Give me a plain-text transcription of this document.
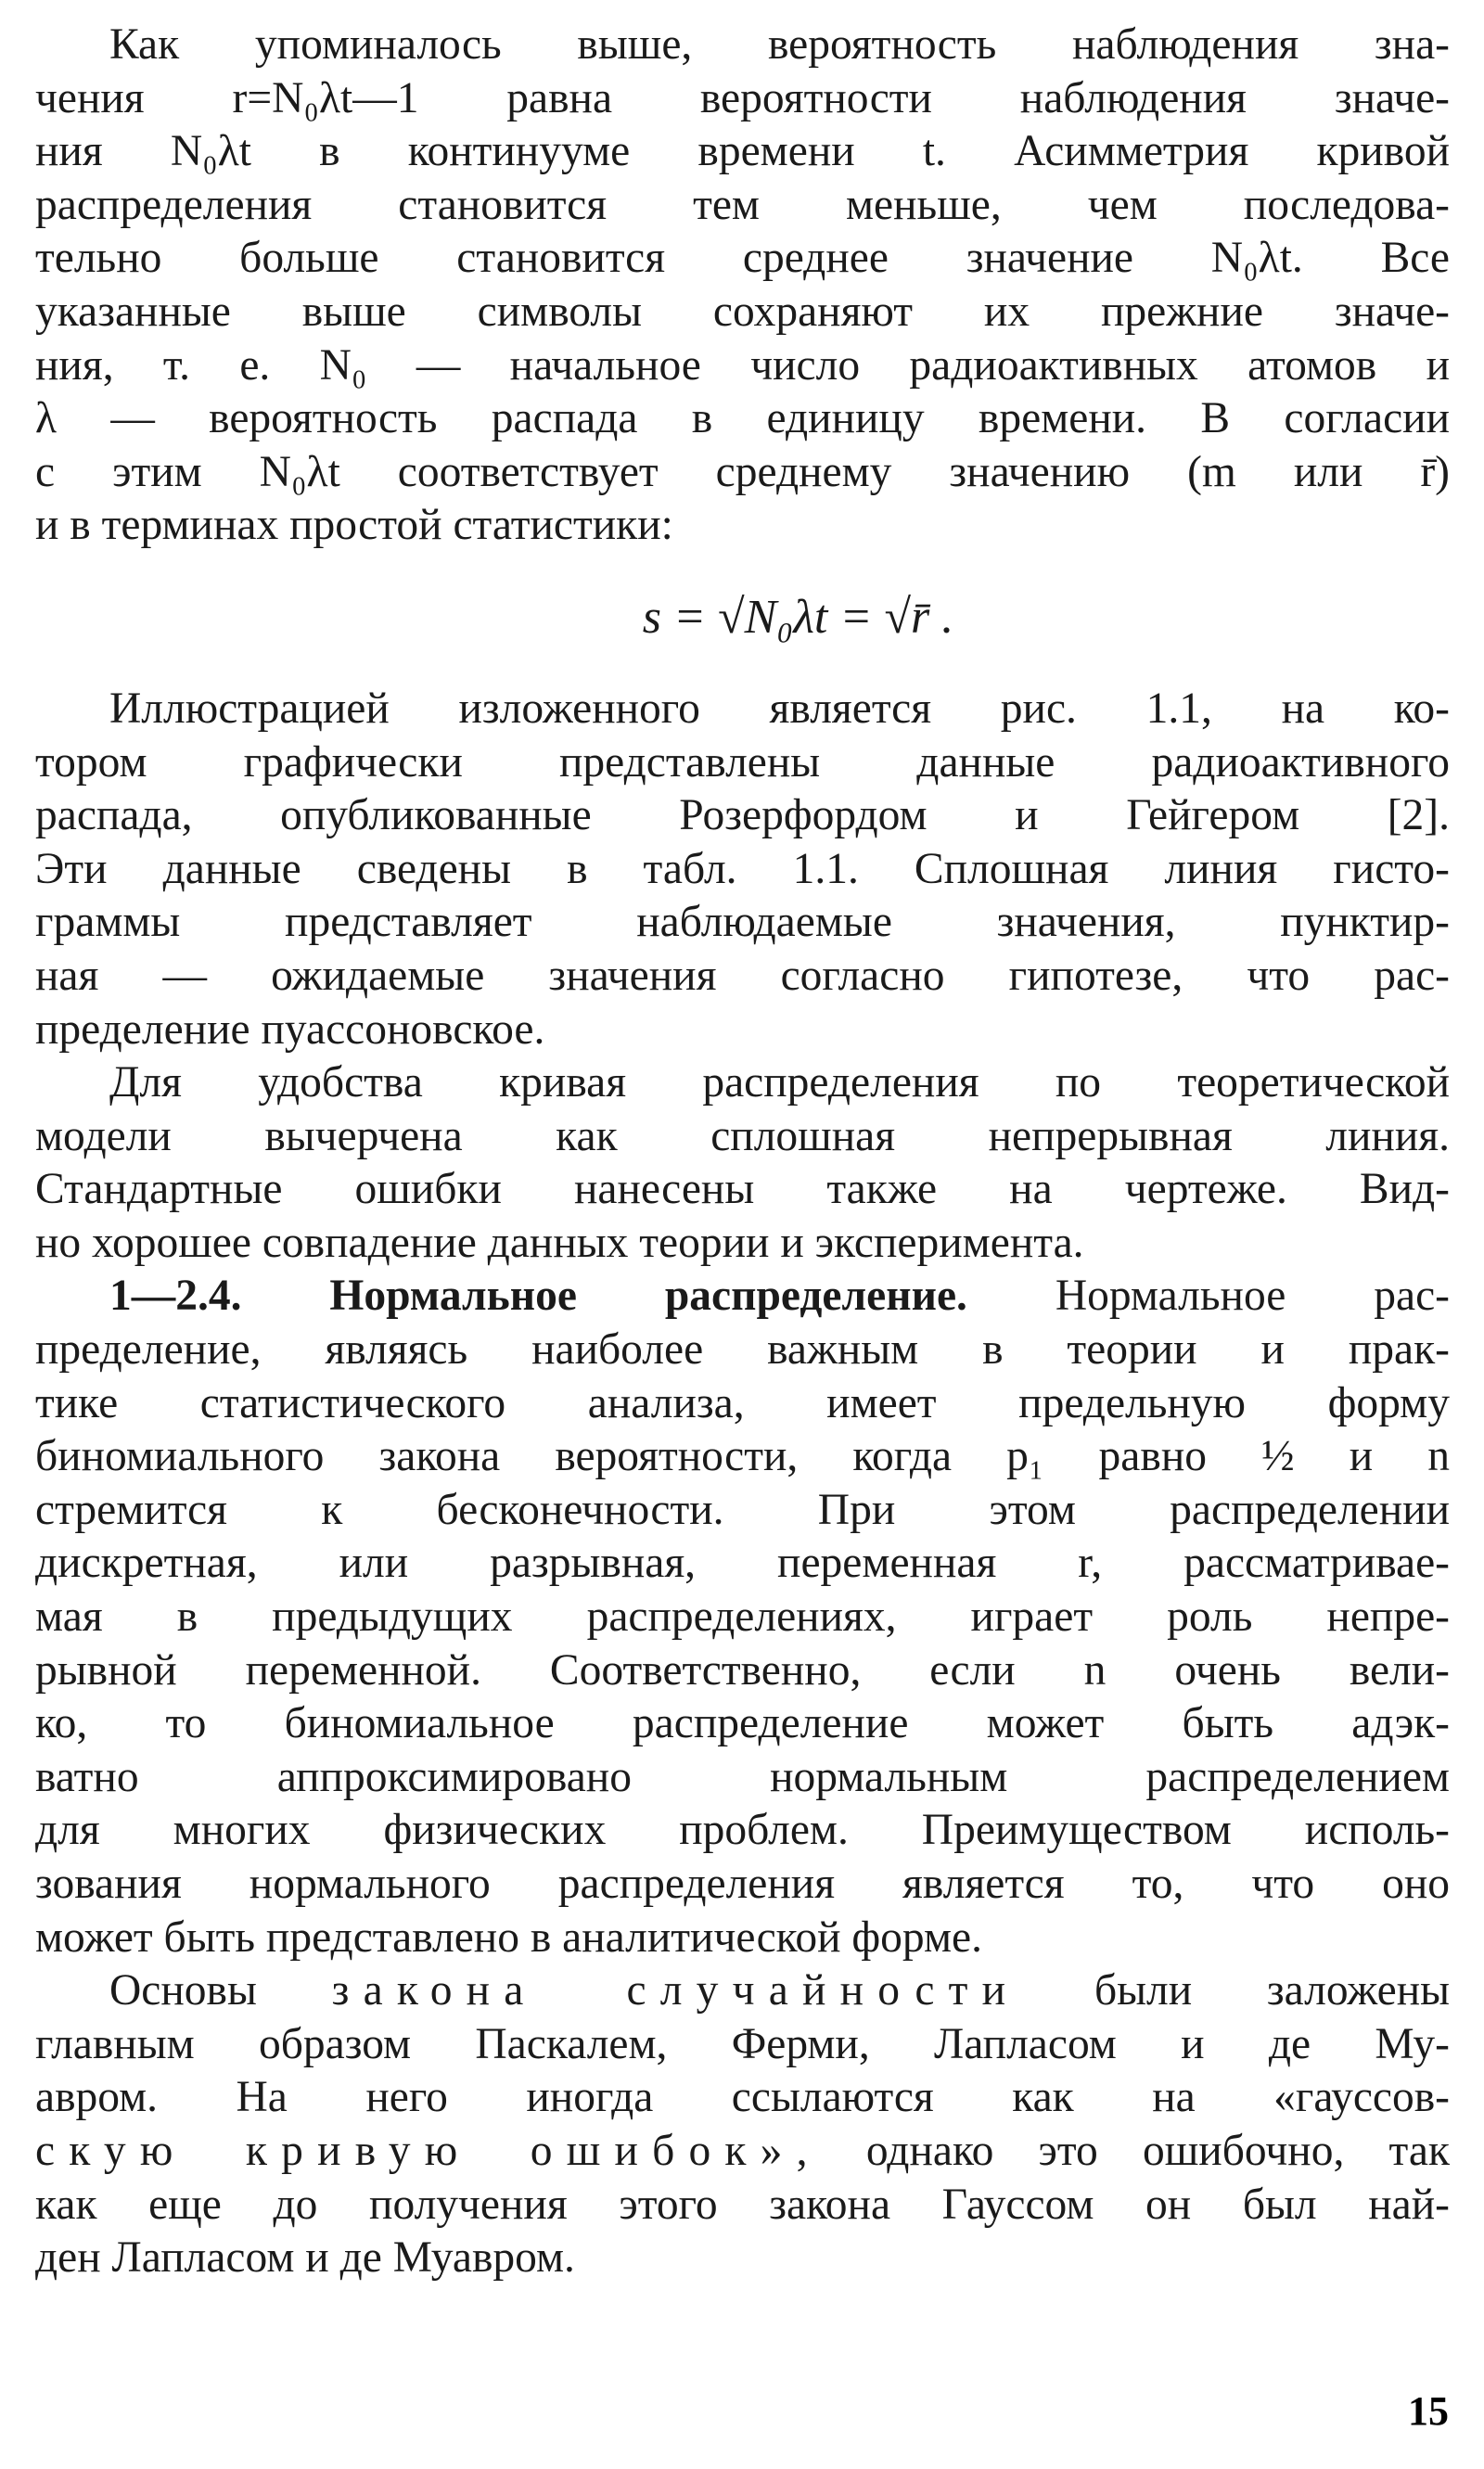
Как упоминалось выше, вероятность наблюдения зна-
чения r=N₀λt—1 равна вероятности наблюдения значе-
ния N₀λt в континууме времени t. Асимметрия кривой
распределения становится тем меньше, чем последова-
тельно больше становится среднее значение N₀λt. Все
указанные выше символы сохраняют их прежние значе-
ния, т. е. N₀ — начальное число радиоактивных атомов и
λ — вероятность распада в единицу времени. В согласии
с этим N₀λt соответствует среднему значению (m или r̄)
и в терминах простой статистики:

s = √N₀λt = √r̄ .

Иллюстрацией изложенного является рис. 1.1, на ко-
тором графически представлены данные радиоактивного
распада, опубликованные Розерфордом и Гейгером [2].
Эти данные сведены в табл. 1.1. Сплошная линия гисто-
граммы представляет наблюдаемые значения, пунктир-
ная — ожидаемые значения согласно гипотезе, что рас-
пределение пуассоновское.

Для удобства кривая распределения по теоретической
модели вычерчена как сплошная непрерывная линия.
Стандартные ошибки нанесены также на чертеже. Вид-
но хорошее совпадение данных теории и эксперимента.

1—2.4. Нормальное распределение. Нормальное рас-
пределение, являясь наиболее важным в теории и прак-
тике статистического анализа, имеет предельную форму
биномиального закона вероятности, когда p₁ равно ½ и n
стремится к бесконечности. При этом распределении
дискретная, или разрывная, переменная r, рассматривае-
мая в предыдущих распределениях, играет роль непре-
рывной переменной. Соответственно, если n очень вели-
ко, то биномиальное распределение может быть адэк-
ватно аппроксимировано нормальным распределением
для многих физических проблем. Преимуществом исполь-
зования нормального распределения является то, что оно
может быть представлено в аналитической форме.

Основы закона случайности были заложены
главным образом Паскалем, Ферми, Лапласом и де Му-
авром. На него иногда ссылаются как на «гауссов-
скую кривую ошибок», однако это ошибочно, так
как еще до получения этого закона Гауссом он был най-
ден Лапласом и де Муавром.

15
